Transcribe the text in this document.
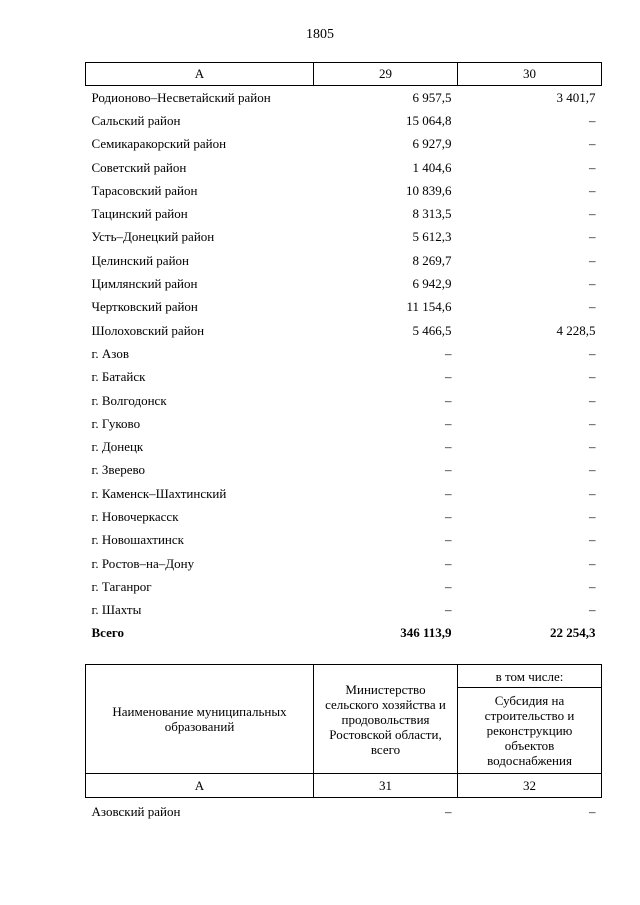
1805
А	29	30
Родионово–Несветайский район	6 957,5	3 401,7
Сальский район	15 064,8	–
Семикаракорский район	6 927,9	–
Советский район	1 404,6	–
Тарасовский район	10 839,6	–
Тацинский район	8 313,5	–
Усть–Донецкий район	5 612,3	–
Целинский район	8 269,7	–
Цимлянский район	6 942,9	–
Чертковский район	11 154,6	–
Шолоховский район	5 466,5	4 228,5
г. Азов	–	–
г. Батайск	–	–
г. Волгодонск	–	–
г. Гуково	–	–
г. Донецк	–	–
г. Зверево	–	–
г. Каменск–Шахтинский	–	–
г. Новочеркасск	–	–
г. Новошахтинск	–	–
г. Ростов–на–Дону	–	–
г. Таганрог	–	–
г. Шахты	–	–
Всего	346 113,9	22 254,3
Наименование муниципальных образований	Министерство сельского хозяйства и продовольствия Ростовской области, всего	в том числе:
		Субсидия на строительство и реконструкцию объектов водоснабжения
А	31	32
Азовский район	–	–
